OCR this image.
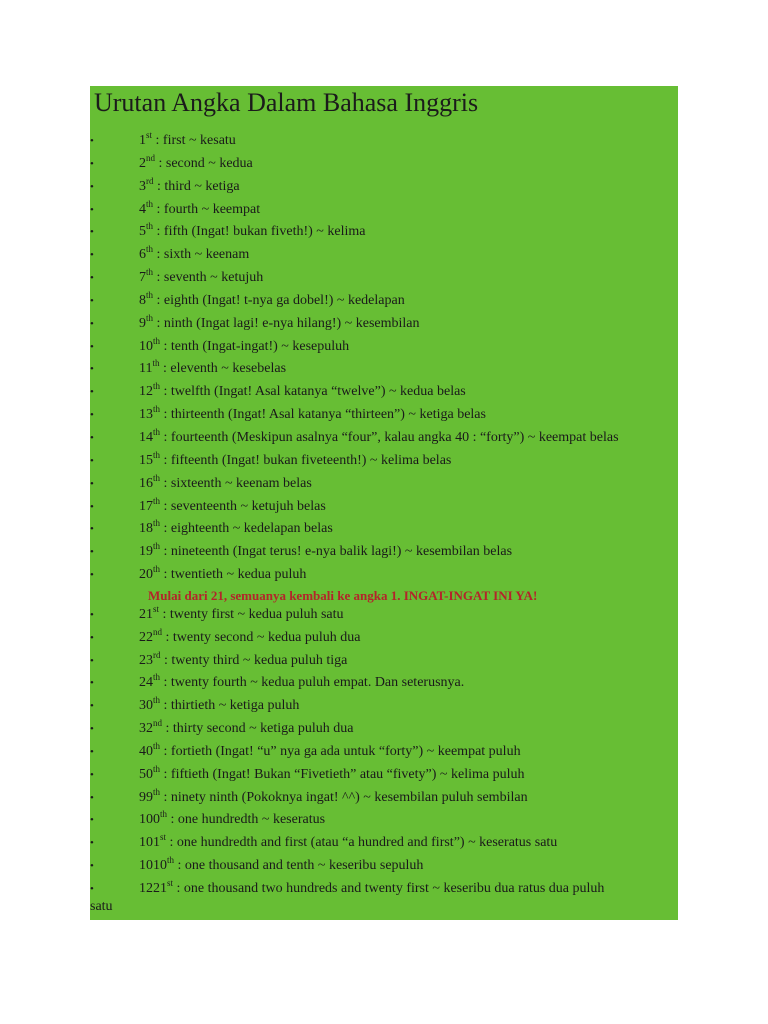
Urutan Angka Dalam Bahasa Inggris
•	1st : first ~ kesatu
•	2nd : second ~ kedua
•	3rd : third ~ ketiga
•	4th : fourth ~ keempat
•	5th : fifth (Ingat! bukan fiveth!) ~ kelima
•	6th : sixth ~ keenam
•	7th : seventh ~ ketujuh
•	8th : eighth (Ingat! t-nya ga dobel!) ~ kedelapan
•	9th : ninth (Ingat lagi! e-nya hilang!) ~ kesembilan
•	10th : tenth (Ingat-ingat!) ~ kesepuluh
•	11th : eleventh ~ kesebelas
•	12th : twelfth (Ingat! Asal katanya “twelve”) ~ kedua belas
•	13th : thirteenth (Ingat! Asal katanya “thirteen”) ~ ketiga belas
•	14th : fourteenth (Meskipun asalnya “four”, kalau angka 40 : “forty”) ~ keempat belas
•	15th : fifteenth (Ingat! bukan fiveteenth!) ~ kelima belas
•	16th : sixteenth ~ keenam belas
•	17th : seventeenth ~ ketujuh belas
•	18th : eighteenth ~ kedelapan belas
•	19th : nineteenth (Ingat terus! e-nya balik lagi!) ~ kesembilan belas
•	20th : twentieth ~ kedua puluh
Mulai dari 21, semuanya kembali ke angka 1. INGAT-INGAT INI YA!
•	21st : twenty first ~ kedua puluh satu
•	22nd : twenty second ~ kedua puluh dua
•	23rd : twenty third ~ kedua puluh tiga
•	24th : twenty fourth ~ kedua puluh empat. Dan seterusnya.
•	30th : thirtieth ~ ketiga puluh
•	32nd : thirty second ~ ketiga puluh dua
•	40th : fortieth (Ingat! “u” nya ga ada untuk “forty”) ~ keempat puluh
•	50th : fiftieth (Ingat! Bukan “Fivetieth” atau “fivety”) ~ kelima puluh
•	99th : ninety ninth (Pokoknya ingat! ^^) ~ kesembilan puluh sembilan
•	100th : one hundredth ~ keseratus
•	101st : one hundredth and first (atau “a hundred and first”) ~ keseratus satu
•	1010th : one thousand and tenth ~ keseribu sepuluh
•	1221st : one thousand two hundreds and twenty first ~ keseribu dua ratus dua puluh
satu
